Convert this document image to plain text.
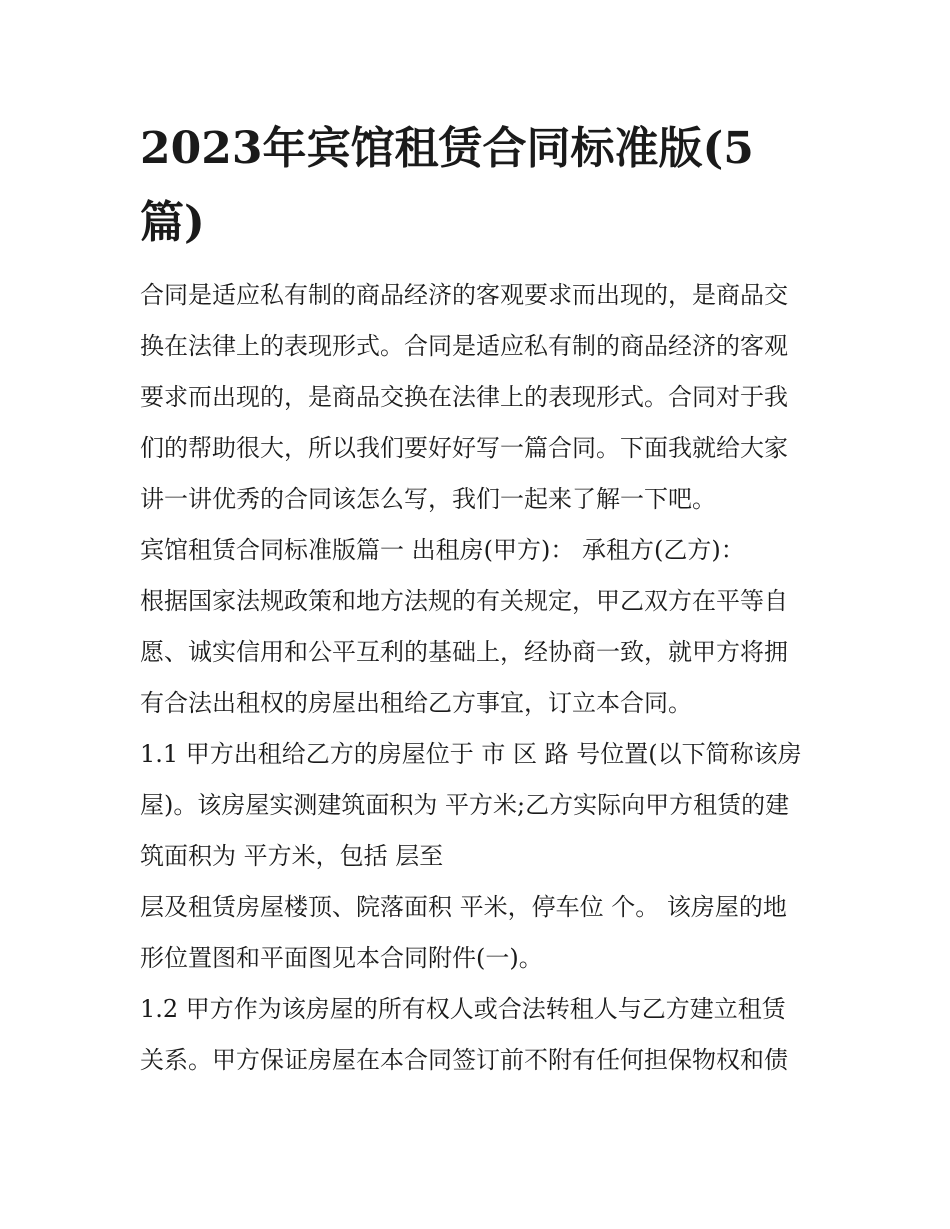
2023年宾馆租赁合同标准版(5
篇)
合同是适应私有制的商品经济的客观要求而出现的，是商品交
换在法律上的表现形式。合同是适应私有制的商品经济的客观
要求而出现的，是商品交换在法律上的表现形式。合同对于我
们的帮助很大，所以我们要好好写一篇合同。下面我就给大家
讲一讲优秀的合同该怎么写，我们一起来了解一下吧。
宾馆租赁合同标准版篇一 出租房(甲方)： 承租方(乙方)：
根据国家法规政策和地方法规的有关规定，甲乙双方在平等自
愿、诚实信用和公平互利的基础上，经协商一致，就甲方将拥
有合法出租权的房屋出租给乙方事宜，订立本合同。
1.1 甲方出租给乙方的房屋位于 市 区 路 号位置(以下简称该房
屋)。该房屋实测建筑面积为 平方米;乙方实际向甲方租赁的建
筑面积为 平方米，包括 层至
层及租赁房屋楼顶、院落面积 平米，停车位 个。 该房屋的地
形位置图和平面图见本合同附件(一)。
1.2 甲方作为该房屋的所有权人或合法转租人与乙方建立租赁
关系。甲方保证房屋在本合同签订前不附有任何担保物权和债
